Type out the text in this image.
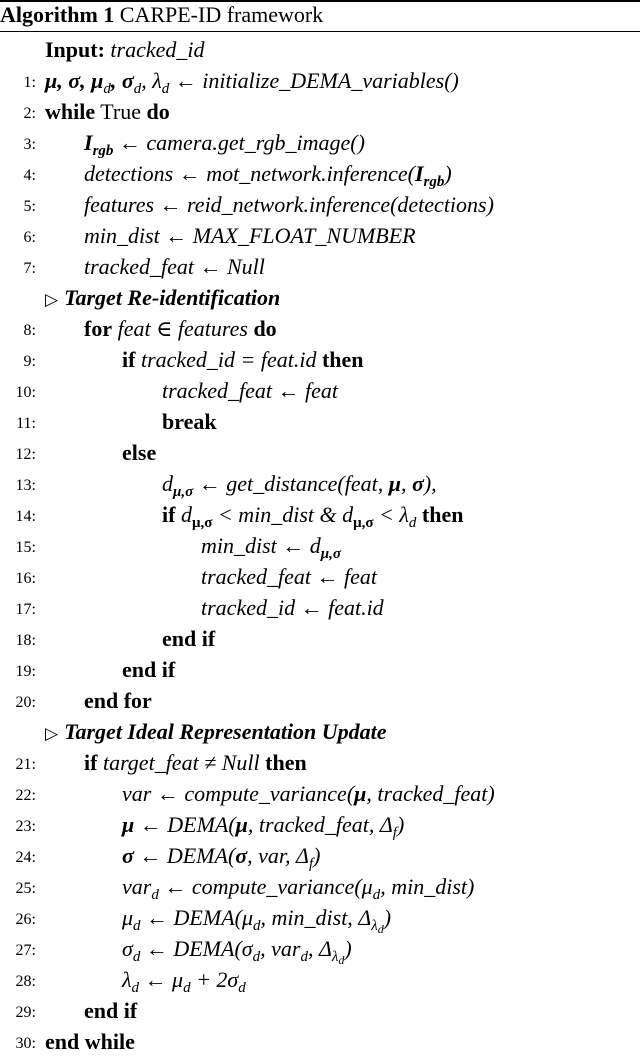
Algorithm 1 CARPE-ID framework
Input: tracked_id
1: μ, σ, $\mu_d$, $\sigma_d$, $\lambda_d$ ← initialize_DEMA_variables()
2: while True do
3: $I_{rgb}$ ← camera.get_rgb_image()
4: detections ← $mot\_network.inference(I_{rgb})$
5: features ← reid_network.inference(detections)
6: min_dist ← MAX_FLOAT_NUMBER
7: tracked_feat ← Null
▷ Target Re-identification
8: for feat ∈ features do
9:	if tracked_id = feat.id then
10:	tracked_feat ← feat
11:	break
12:	else
13:	$d_{\mu,\sigma}$ ← get_distance(feat, μ, σ),
14:	if $d_{\mu,\sigma}$ < min_dist & $d_{\mu,\sigma} < \lambda_d$ then
15:	min_dist ← $d_{\mu,\sigma}$
16:	tracked_feat ← feat
17:	tracked_id ← feat.id
18:	end if
19:	end if
20: end for
▷ Target Ideal Representation Update
21: if target_feat ≠ Null then
22:	var ← compute_variance(μ, tracked_feat)
23:	μ ← DEMA(μ, tracked_feat, $\Delta_f$)
24:	σ ← DEMA(σ, var, $\Delta_f$)
25:	var$_d$ ← $compute\_variance(\mu_d$, min_dist)
26:	$\mu_d$ ← $DEMA(\mu_d$, min_dist, $\Delta_{\lambda_d}$)
27:	$\sigma_d$ ← $DEMA(\sigma_d$, var$_d$, $\Delta_{\lambda_d}$)
28:	$\lambda_d$ ← $\mu_d + 2\sigma_d$
29: end if
30: end while
